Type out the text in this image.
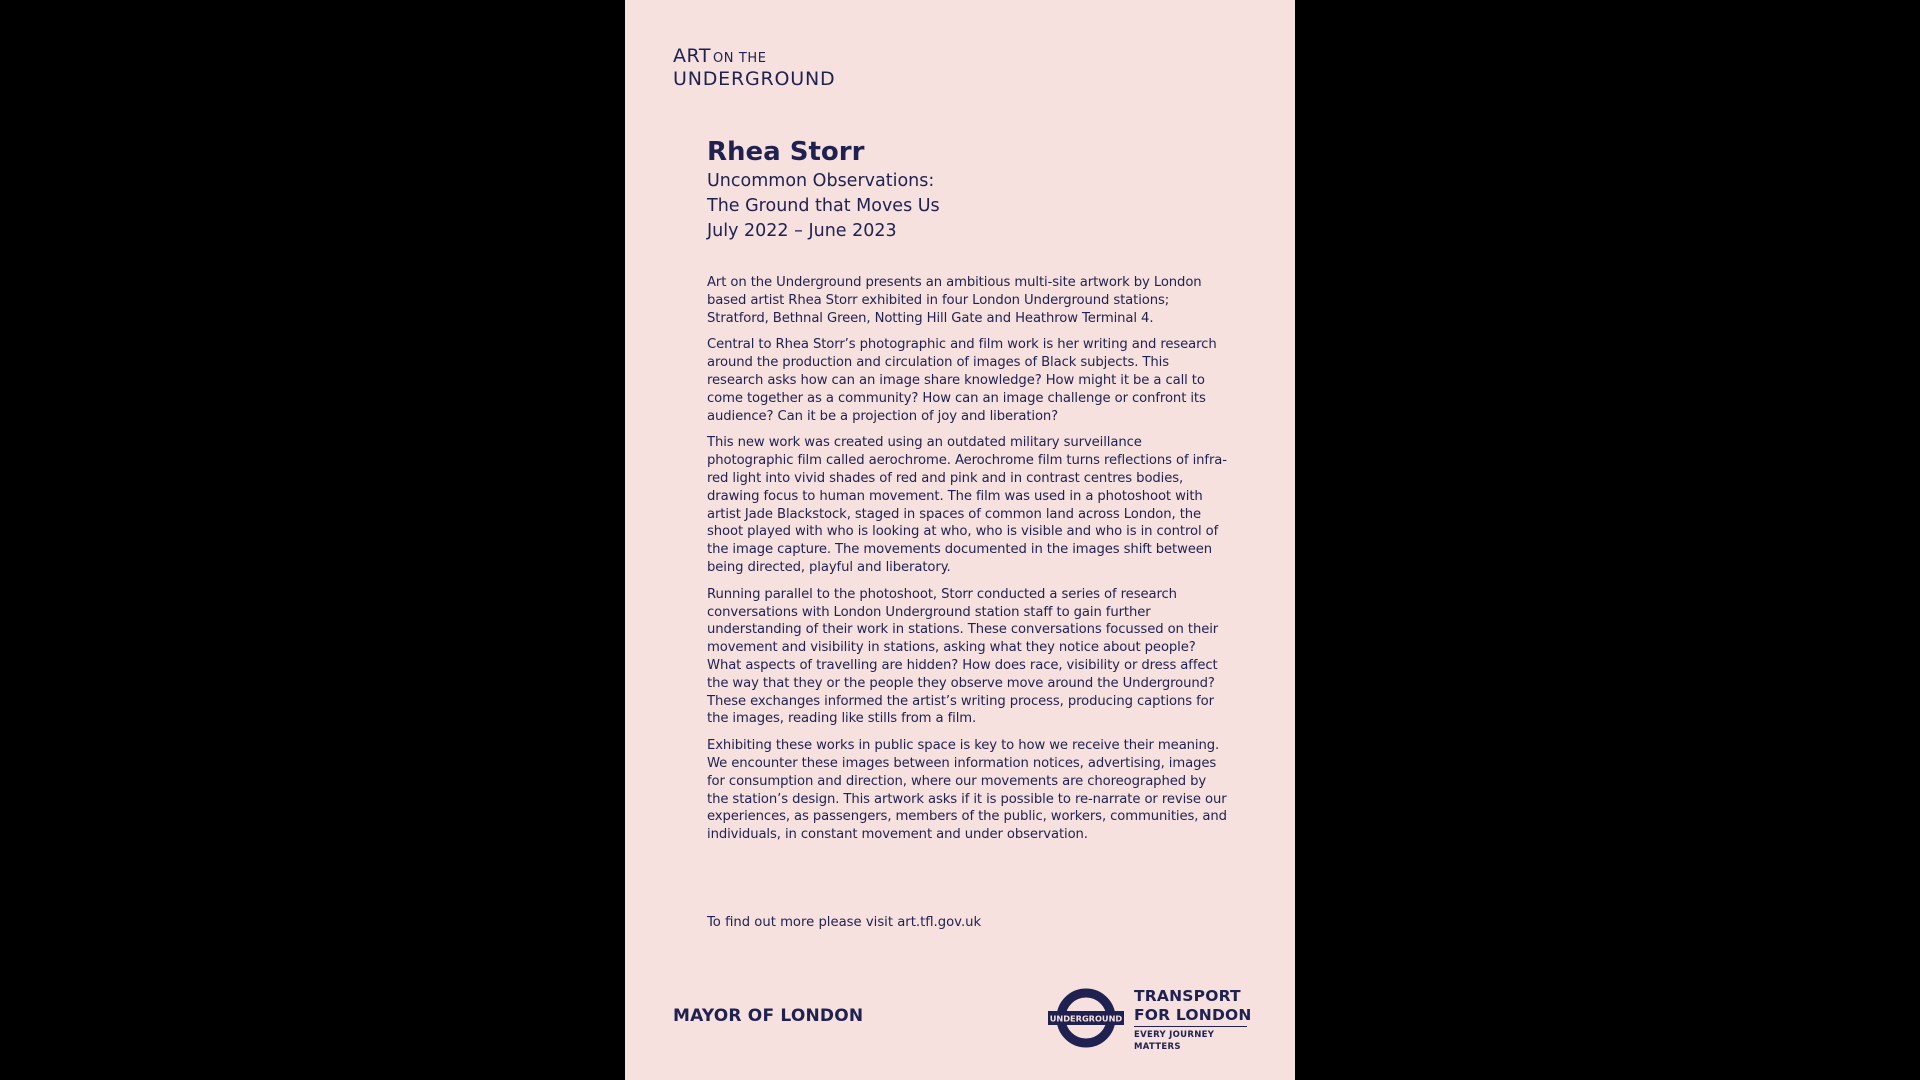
ART ON THE
UNDERGROUND
Rhea Storr
Uncommon Observations:
The Ground that Moves Us
July 2022 – June 2023

Art on the Underground presents an ambitious multi-site artwork by London based artist Rhea Storr exhibited in four London Underground stations; Stratford, Bethnal Green, Notting Hill Gate and Heathrow Terminal 4.

Central to Rhea Storr’s photographic and film work is her writing and research around the production and circulation of images of Black subjects. This research asks how can an image share knowledge? How might it be a call to come together as a community? How can an image challenge or confront its audience? Can it be a projection of joy and liberation?

This new work was created using an outdated military surveillance photographic film called aerochrome. Aerochrome film turns reflections of infra-red light into vivid shades of red and pink and in contrast centres bodies, drawing focus to human movement. The film was used in a photoshoot with artist Jade Blackstock, staged in spaces of common land across London, the shoot played with who is looking at who, who is visible and who is in control of the image capture. The movements documented in the images shift between being directed, playful and liberatory.

Running parallel to the photoshoot, Storr conducted a series of research conversations with London Underground station staff to gain further understanding of their work in stations. These conversations focussed on their movement and visibility in stations, asking what they notice about people? What aspects of travelling are hidden? How does race, visibility or dress affect the way that they or the people they observe move around the Underground? These exchanges informed the artist’s writing process, producing captions for the images, reading like stills from a film.

Exhibiting these works in public space is key to how we receive their meaning. We encounter these images between information notices, advertising, images for consumption and direction, where our movements are choreographed by the station’s design. This artwork asks if it is possible to re-narrate or revise our experiences, as passengers, members of the public, workers, communities, and individuals, in constant movement and under observation.

To find out more please visit art.tfl.gov.uk
MAYOR OF LONDON	UNDERGROUND
TRANSPORT
FOR LONDON
EVERY JOURNEY MATTERS
